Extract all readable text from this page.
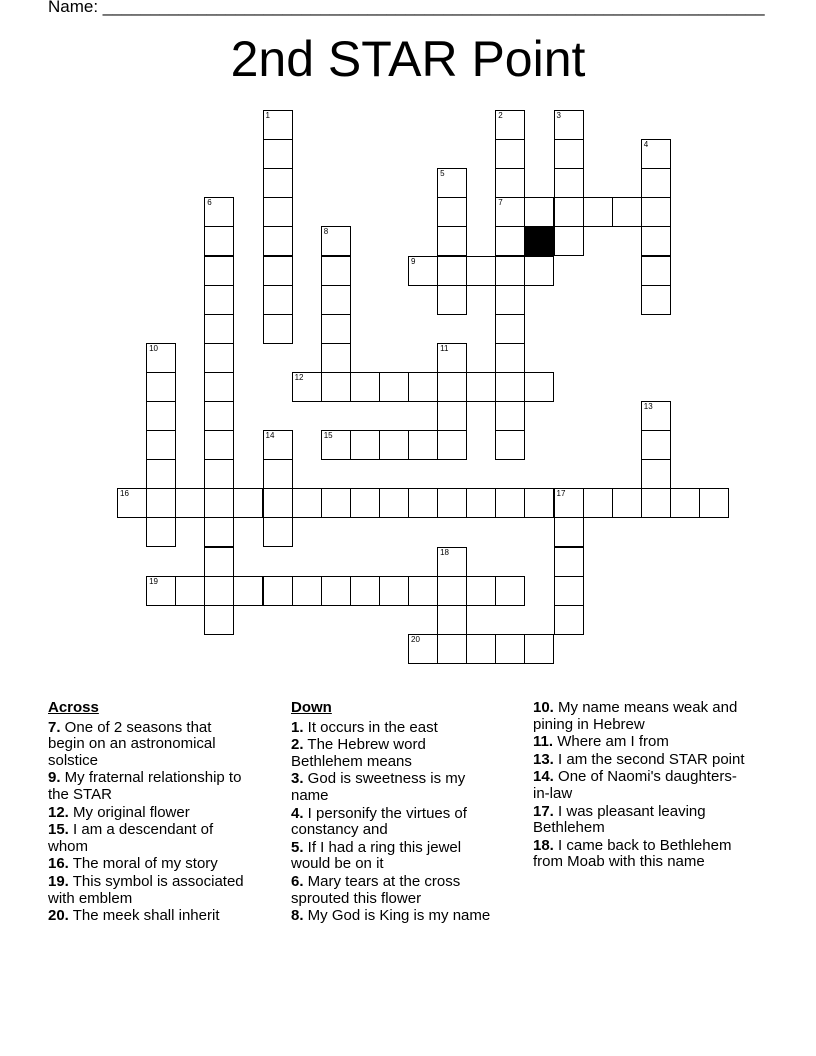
Name: ______________________________________________________________________
2nd STAR Point
1	2
7
3
4
5
6
8
9
10	11
12
13
14	15
16	17
18
19
20
Across
7. One of 2 seasons that begin on an astronomical solstice
9. My fraternal relationship to the STAR
12. My original flower
15. I am a descendant of whom
16. The moral of my story
19. This symbol is associated with emblem
20. The meek shall inherit
Down
1. It occurs in the east
2. The Hebrew word Bethlehem means
3. God is sweetness is my name
4. I personify the virtues of constancy and
5. If I had a ring this jewel would be on it
6. Mary tears at the cross sprouted this flower
8. My God is King is my name
10. My name means weak and pining in Hebrew
11. Where am I from
13. I am the second STAR point
14. One of Naomi's daughters-in-law
17. I was pleasant leaving Bethlehem
18. I came back to Bethlehem from Moab with this name
